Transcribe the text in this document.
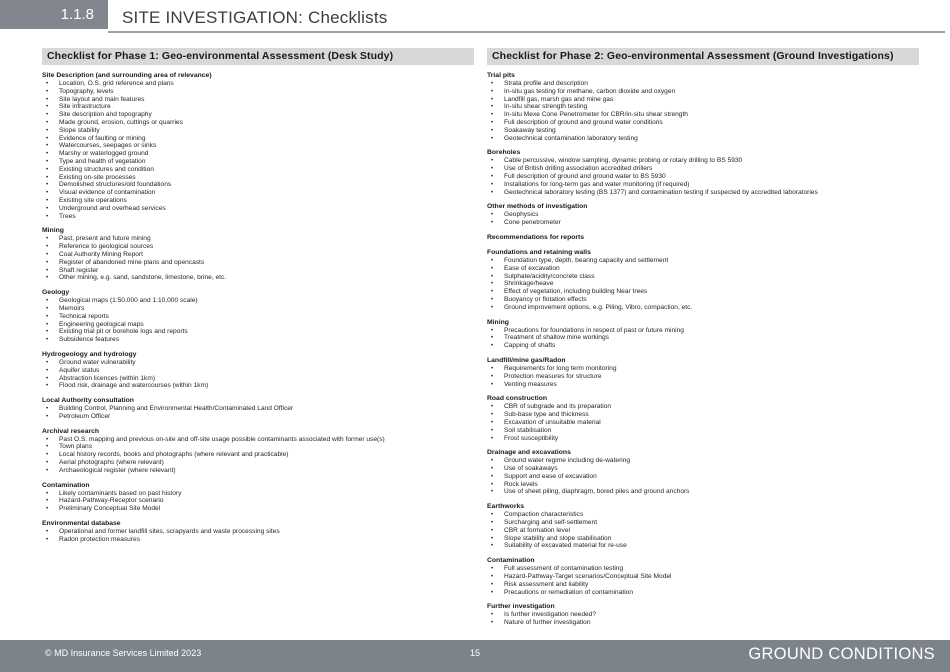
1.1.8	SITE INVESTIGATION: Checklists
Checklist for Phase 1: Geo-environmental Assessment (Desk Study)
Site Description (and surrounding area of relevance)
•	Location, O.S. grid reference and plans
•	Topography, levels
•	Site layout and main features
•	Site infrastructure
•	Site description and topography
•	Made ground, erosion, cuttings or quarries
•	Slope stability
•	Evidence of faulting or mining
•	Watercourses, seepages or sinks
•	Marshy or waterlogged ground
•	Type and health of vegetation
•	Existing structures and condition
•	Existing on-site processes
•	Demolished structures/old foundations
•	Visual evidence of contamination
•	Existing site operations
•	Underground and overhead services
•	Trees
Mining
•	Past, present and future mining
•	Reference to geological sources
•	Coal Authority Mining Report
•	Register of abandoned mine plans and opencasts
•	Shaft register
•	Other mining, e.g. sand, sandstone, limestone, brine, etc.
Geology
•	Geological maps (1:50,000 and 1:10,000 scale)
•	Memoirs
•	Technical reports
•	Engineering geological maps
•	Existing trial pit or borehole logs and reports
•	Subsidence features
Hydrogeology and hydrology
•	Ground water vulnerability
•	Aquifer status
•	Abstraction licences (within 1km)
•	Flood risk, drainage and watercourses (within 1km)
Local Authority consultation
•	Building Control, Planning and Environmental Health/Contaminated Land Officer
•	Petroleum Officer
Archival research
•	Past O.S. mapping and previous on-site and off-site usage possible contaminants associated with former use(s)
•	Town plans
•	Local history records, books and photographs (where relevant and practicable)
•	Aerial photographs (where relevant)
•	Archaeological register (where relevant)
Contamination
•	Likely contaminants based on past history
•	Hazard-Pathway-Receptor scenario
•	Preliminary Conceptual Site Model
Environmental database
•	Operational and former landfill sites, scrapyards and waste processing sites
•	Radon protection measures
Checklist for Phase 2: Geo-environmental Assessment (Ground Investigations)
Trial pits
•	Strata profile and description
•	In-situ gas testing for methane, carbon dioxide and oxygen
•	Landfill gas, marsh gas and mine gas
•	In-situ shear strength testing
•	In-situ Mexe Cone Penetrometer for CBR/in-situ shear strength
•	Full description of ground and ground water conditions
•	Soakaway testing
•	Geotechnical contamination laboratory testing
Boreholes
•	Cable percussive, window sampling, dynamic probing or rotary drilling to BS 5930
•	Use of British drilling association accredited drillers
•	Full description of ground and ground water to BS 5930
•	Installations for long-term gas and water monitoring (if required)
•	Geotechnical laboratory testing (BS 1377) and contamination testing if suspected by accredited laboratories
Other methods of investigation
•	Geophysics
•	Cone penetrometer
Recommendations for reports
Foundations and retaining walls
•	Foundation type, depth, bearing capacity and settlement
•	Ease of excavation
•	Sulphate/acidity/concrete class
•	Shrinkage/heave
•	Effect of vegetation, including building Near trees
•	Buoyancy or flotation effects
•	Ground improvement options, e.g. Piling, Vibro, compaction, etc.
Mining
•	Precautions for foundations in respect of past or future mining
•	Treatment of shallow mine workings
•	Capping of shafts
Landfill/mine gas/Radon
•	Requirements for long term monitoring
•	Protection measures for structure
•	Venting measures
Road construction
•	CBR of subgrade and its preparation
•	Sub-base type and thickness
•	Excavation of unsuitable material
•	Soil stabilisation
•	Frost susceptibility
Drainage and excavations
•	Ground water regime including de-watering
•	Use of soakaways
•	Support and ease of excavation
•	Rock levels
•	Use of sheet piling, diaphragm, bored piles and ground anchors
Earthworks
•	Compaction characteristics
•	Surcharging and self-settlement
•	CBR at formation level
•	Slope stability and slope stabilisation
•	Suitability of excavated material for re-use
Contamination
•	Full assessment of contamination testing
•	Hazard-Pathway-Target scenarios/Conceptual Site Model
•	Risk assessment and liability
•	Precautions or remediation of contamination
Further investigation
•	Is further investigation needed?
•	Nature of further investigation
© MD Insurance Services Limited 2023	15	GROUND CONDITIONS
